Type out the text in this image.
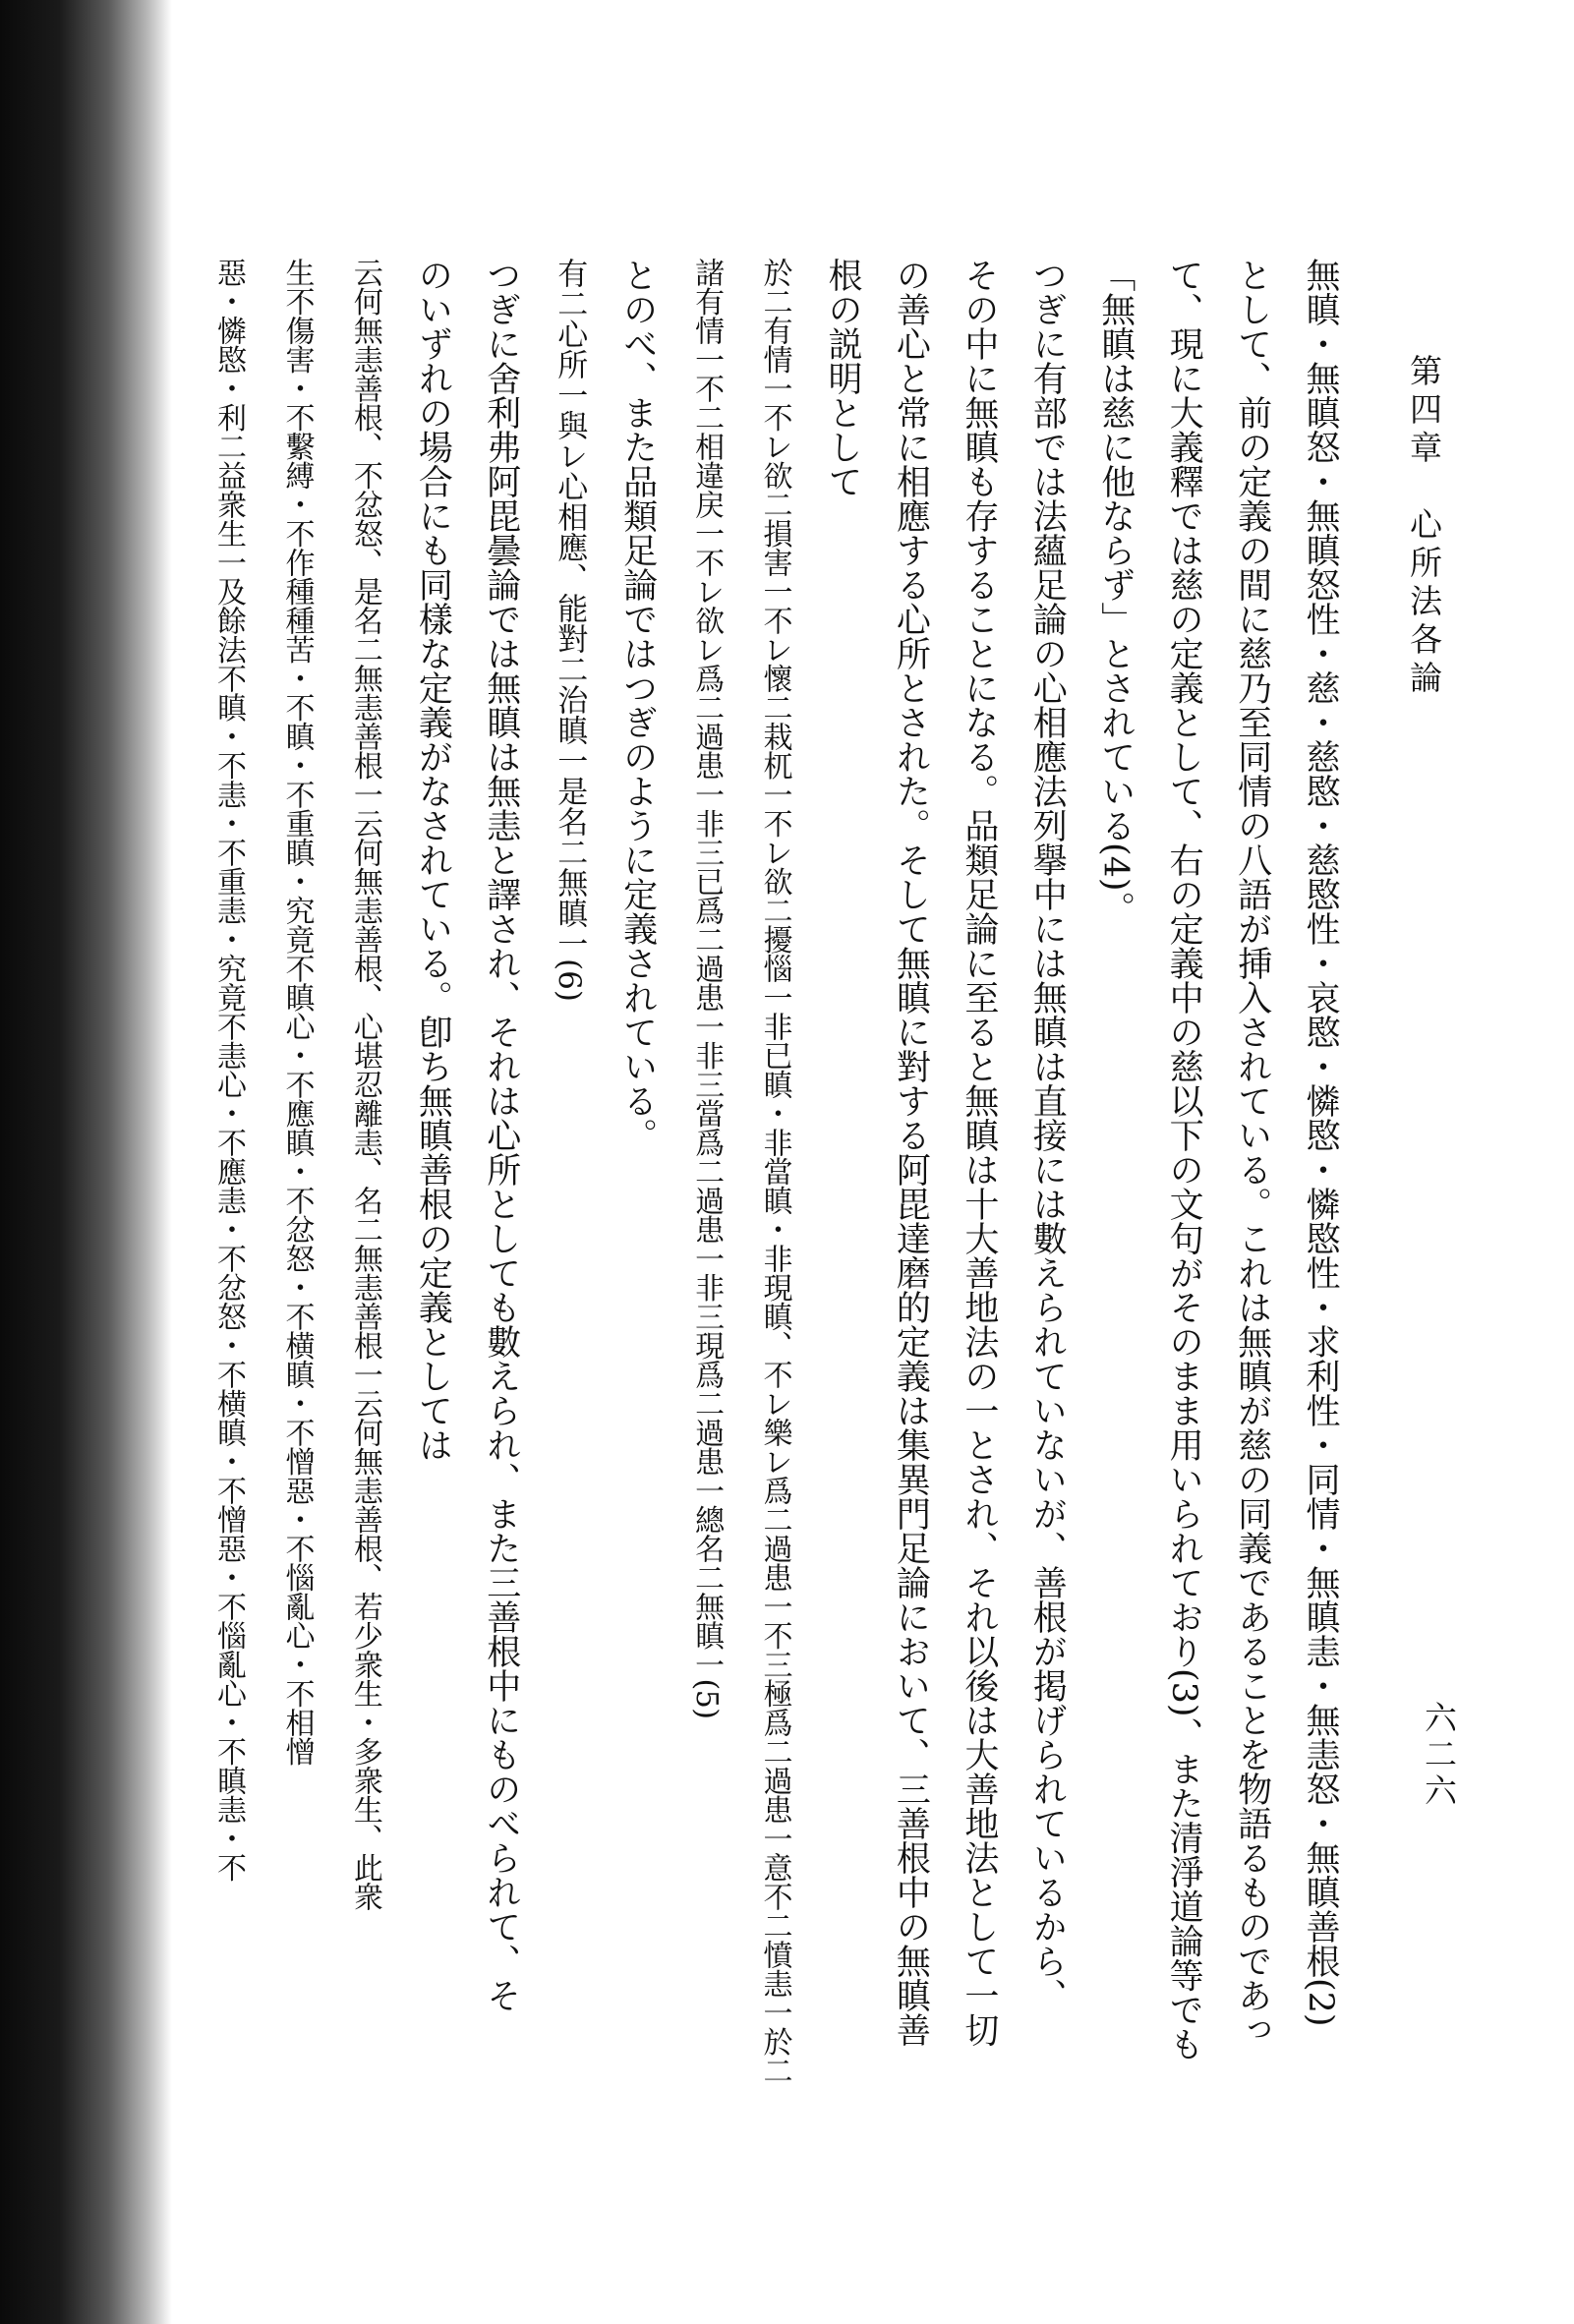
第四章　心所法各論
六二六
無瞋・無瞋怒・無瞋怒性・慈・慈愍・慈愍性・哀愍・憐愍・憐愍性・求利性・同情・無瞋恚・無恚怒・無瞋善根(2)
として、前の定義の間に慈乃至同情の八語が挿入されている。これは無瞋が慈の同義であることを物語るものであっ
て、現に大義釋では慈の定義として、右の定義中の慈以下の文句がそのまま用いられており(3)、また清淨道論等でも
「無瞋は慈に他ならず」とされている(4)。
つぎに有部では法蘊足論の心相應法列擧中には無瞋は直接には數えられていないが、善根が掲げられているから、
その中に無瞋も存することになる。品類足論に至ると無瞋は十大善地法の一とされ、それ以後は大善地法として一切
の善心と常に相應する心所とされた。そして無瞋に對する阿毘達磨的定義は集異門足論において、三善根中の無瞋善
根の説明として
於二有情一不レ欲二損害一不レ懷二栽杌一不レ欲二擾惱一非已瞋・非當瞋・非現瞋、不レ樂レ爲二過患一不三極爲二過患一意不二憤恚一於二
諸有情一不二相違戻一不レ欲レ爲二過患一非三已爲二過患一非三當爲二過患一非三現爲二過患一總名二無瞋一(5)
とのべ、また品類足論ではつぎのように定義されている。
有二心所一與レ心相應、能對二治瞋一是名二無瞋一(6)
つぎに舍利弗阿毘曇論では無瞋は無恚と譯され、それは心所としても數えられ、また三善根中にものべられて、そ
のいずれの場合にも同樣な定義がなされている。卽ち無瞋善根の定義としては
云何無恚善根、不忿怒、是名二無恚善根一云何無恚善根、心堪忍離恚、名二無恚善根一云何無恚善根、若少衆生・多衆生、此衆
生不傷害・不繫縛・不作種種苦・不瞋・不重瞋・究竟不瞋心・不應瞋・不忿怒・不横瞋・不憎惡・不惱亂心・不相憎
惡・憐愍・利二益衆生一及餘法不瞋・不恚・不重恚・究竟不恚心・不應恚・不忿怒・不横瞋・不憎惡・不惱亂心・不瞋恚・不
